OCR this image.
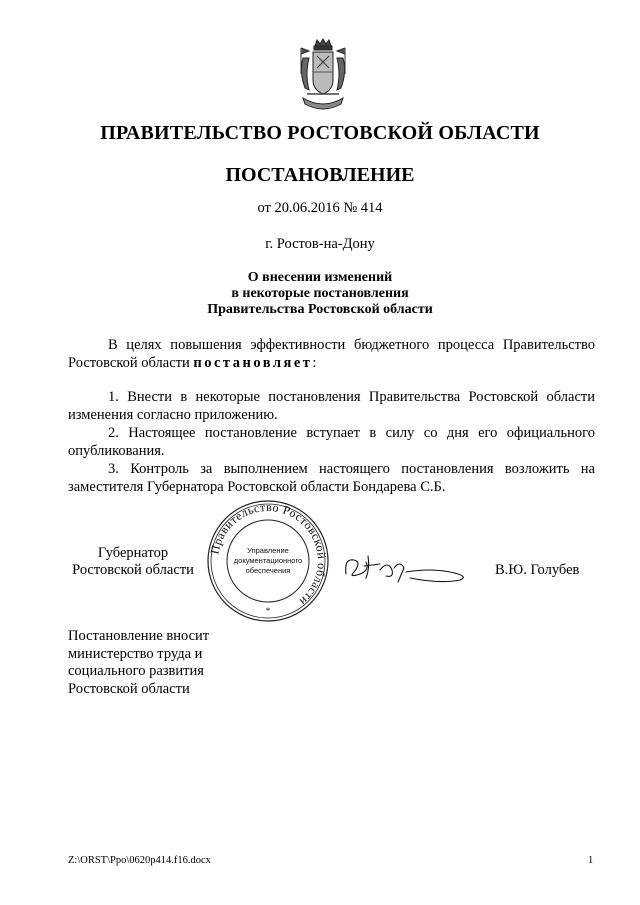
ПРАВИТЕЛЬСТВО РОСТОВСКОЙ ОБЛАСТИ
ПОСТАНОВЛЕНИЕ
от 20.06.2016 № 414
г. Ростов-на-Дону
О внесении изменений
в некоторые постановления
Правительства Ростовской области
В целях повышения эффективности бюджетного процесса Правительство Ростовской области постановляет:
1. Внести в некоторые постановления Правительства Ростовской области изменения согласно приложению.
2. Настоящее постановление вступает в силу со дня его официального опубликования.
3. Контроль за выполнением настоящего постановления возложить на заместителя Губернатора Ростовской области Бондарева С.Б.
Губернатор
Ростовской области
Правительство Ростовской области
Управление
документационного
обеспечения
*
В.Ю. Голубев
Постановление вносит
министерство труда и
социального развития
Ростовской области
Z:\ORST\Ppo\0620p414.f16.docx	1
